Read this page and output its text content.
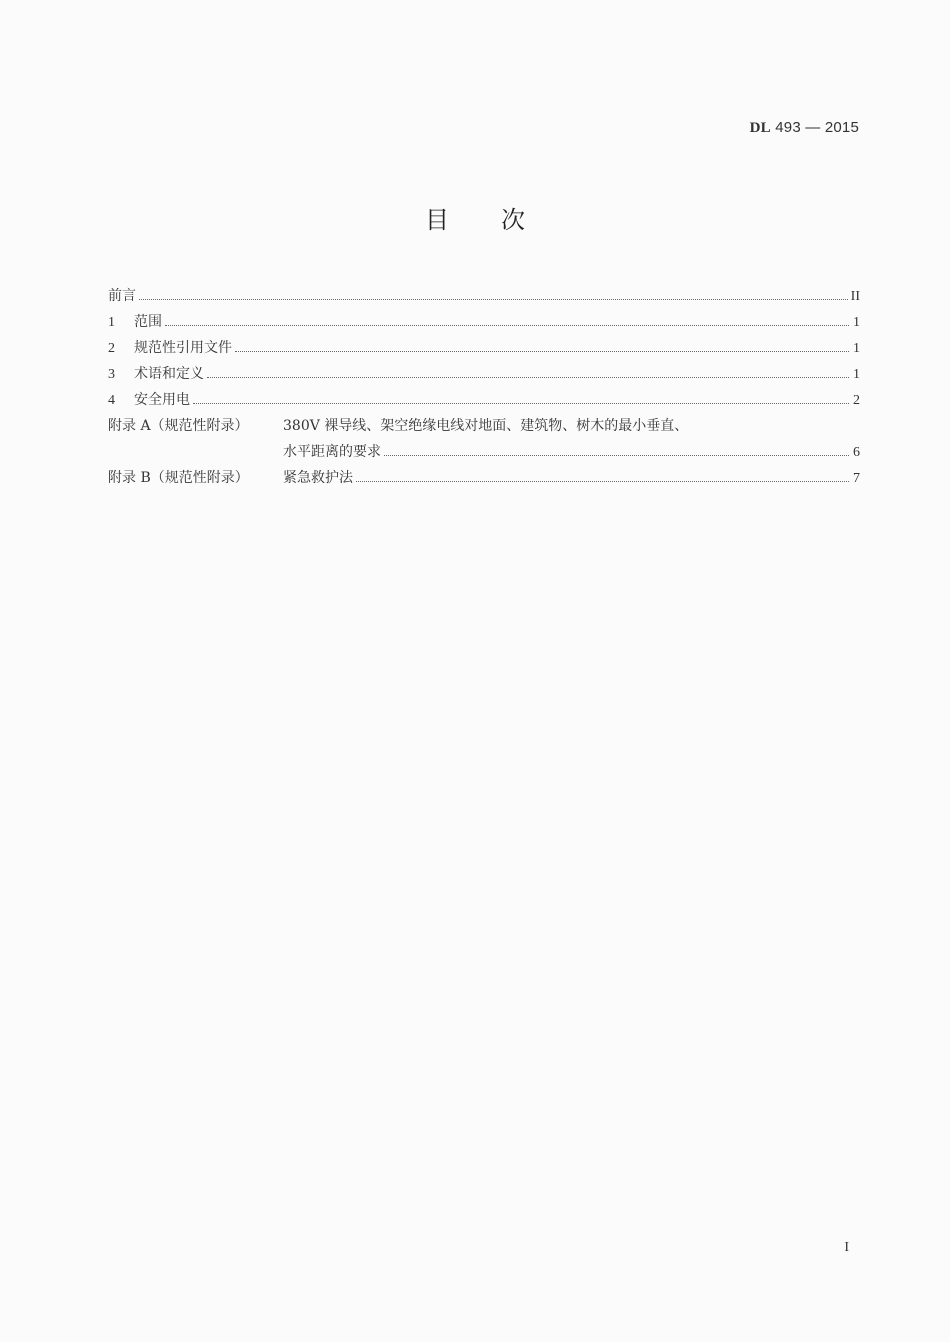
DL 493 — 2015
目次
前言	II
1	范围	1
2	规范性引用文件	1
3	术语和定义	1
4	安全用电	2
附录 A（规范性附录）	380V 裸导线、架空绝缘电线对地面、建筑物、树木的最小垂直、
水平距离的要求	6
附录 B（规范性附录）	紧急救护法	7
I
